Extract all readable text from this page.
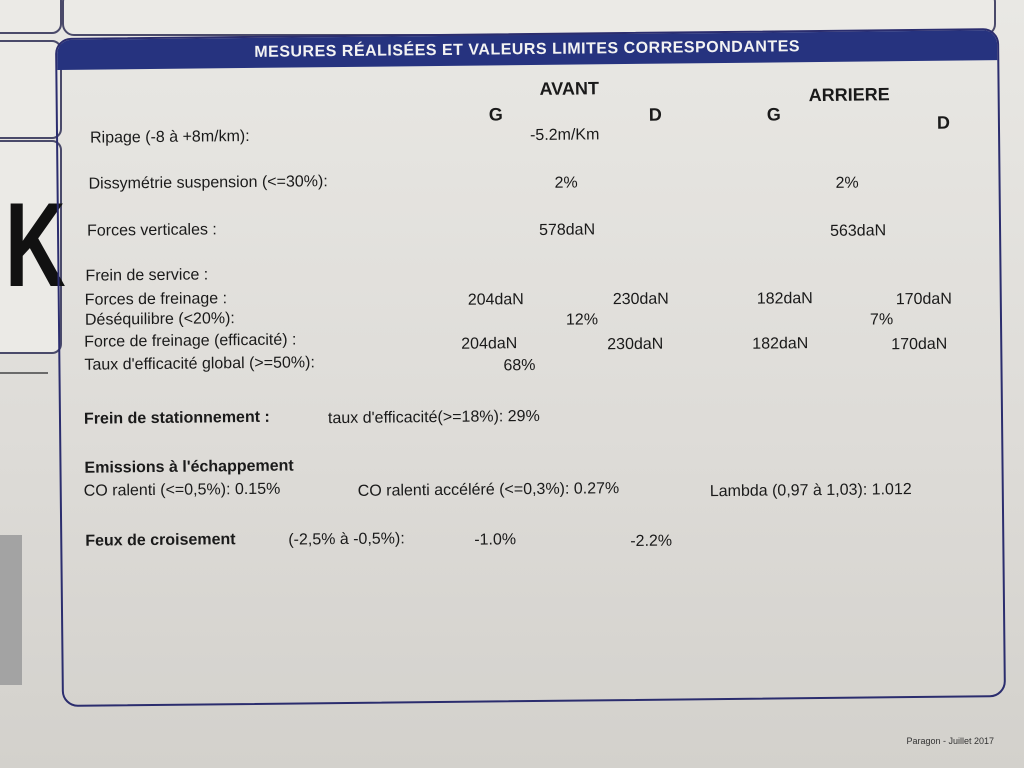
K
MESURES RÉALISÉES ET VALEURS LIMITES CORRESPONDANTES
AVANT	ARRIERE
G	D	G	D
Ripage (-8 à +8m/km):	-5.2m/Km
Dissymétrie suspension (<=30%):	2%	2%
Forces verticales :	578daN	563daN
Frein de service :
Forces de freinage :	204daN	230daN	182daN	170daN
Déséquilibre (<20%):	12%	7%
Force de freinage (efficacité) :	204daN	230daN	182daN	170daN
Taux d'efficacité global (>=50%):	68%
Frein de stationnement :	taux d'efficacité(>=18%): 29%
Emissions à l'échappement
CO ralenti (<=0,5%): 0.15%	CO ralenti accéléré (<=0,3%): 0.27%	Lambda (0,97 à 1,03): 1.012
Feux de croisement	(-2,5% à -0,5%):	-1.0%	-2.2%
Paragon - Juillet 2017
